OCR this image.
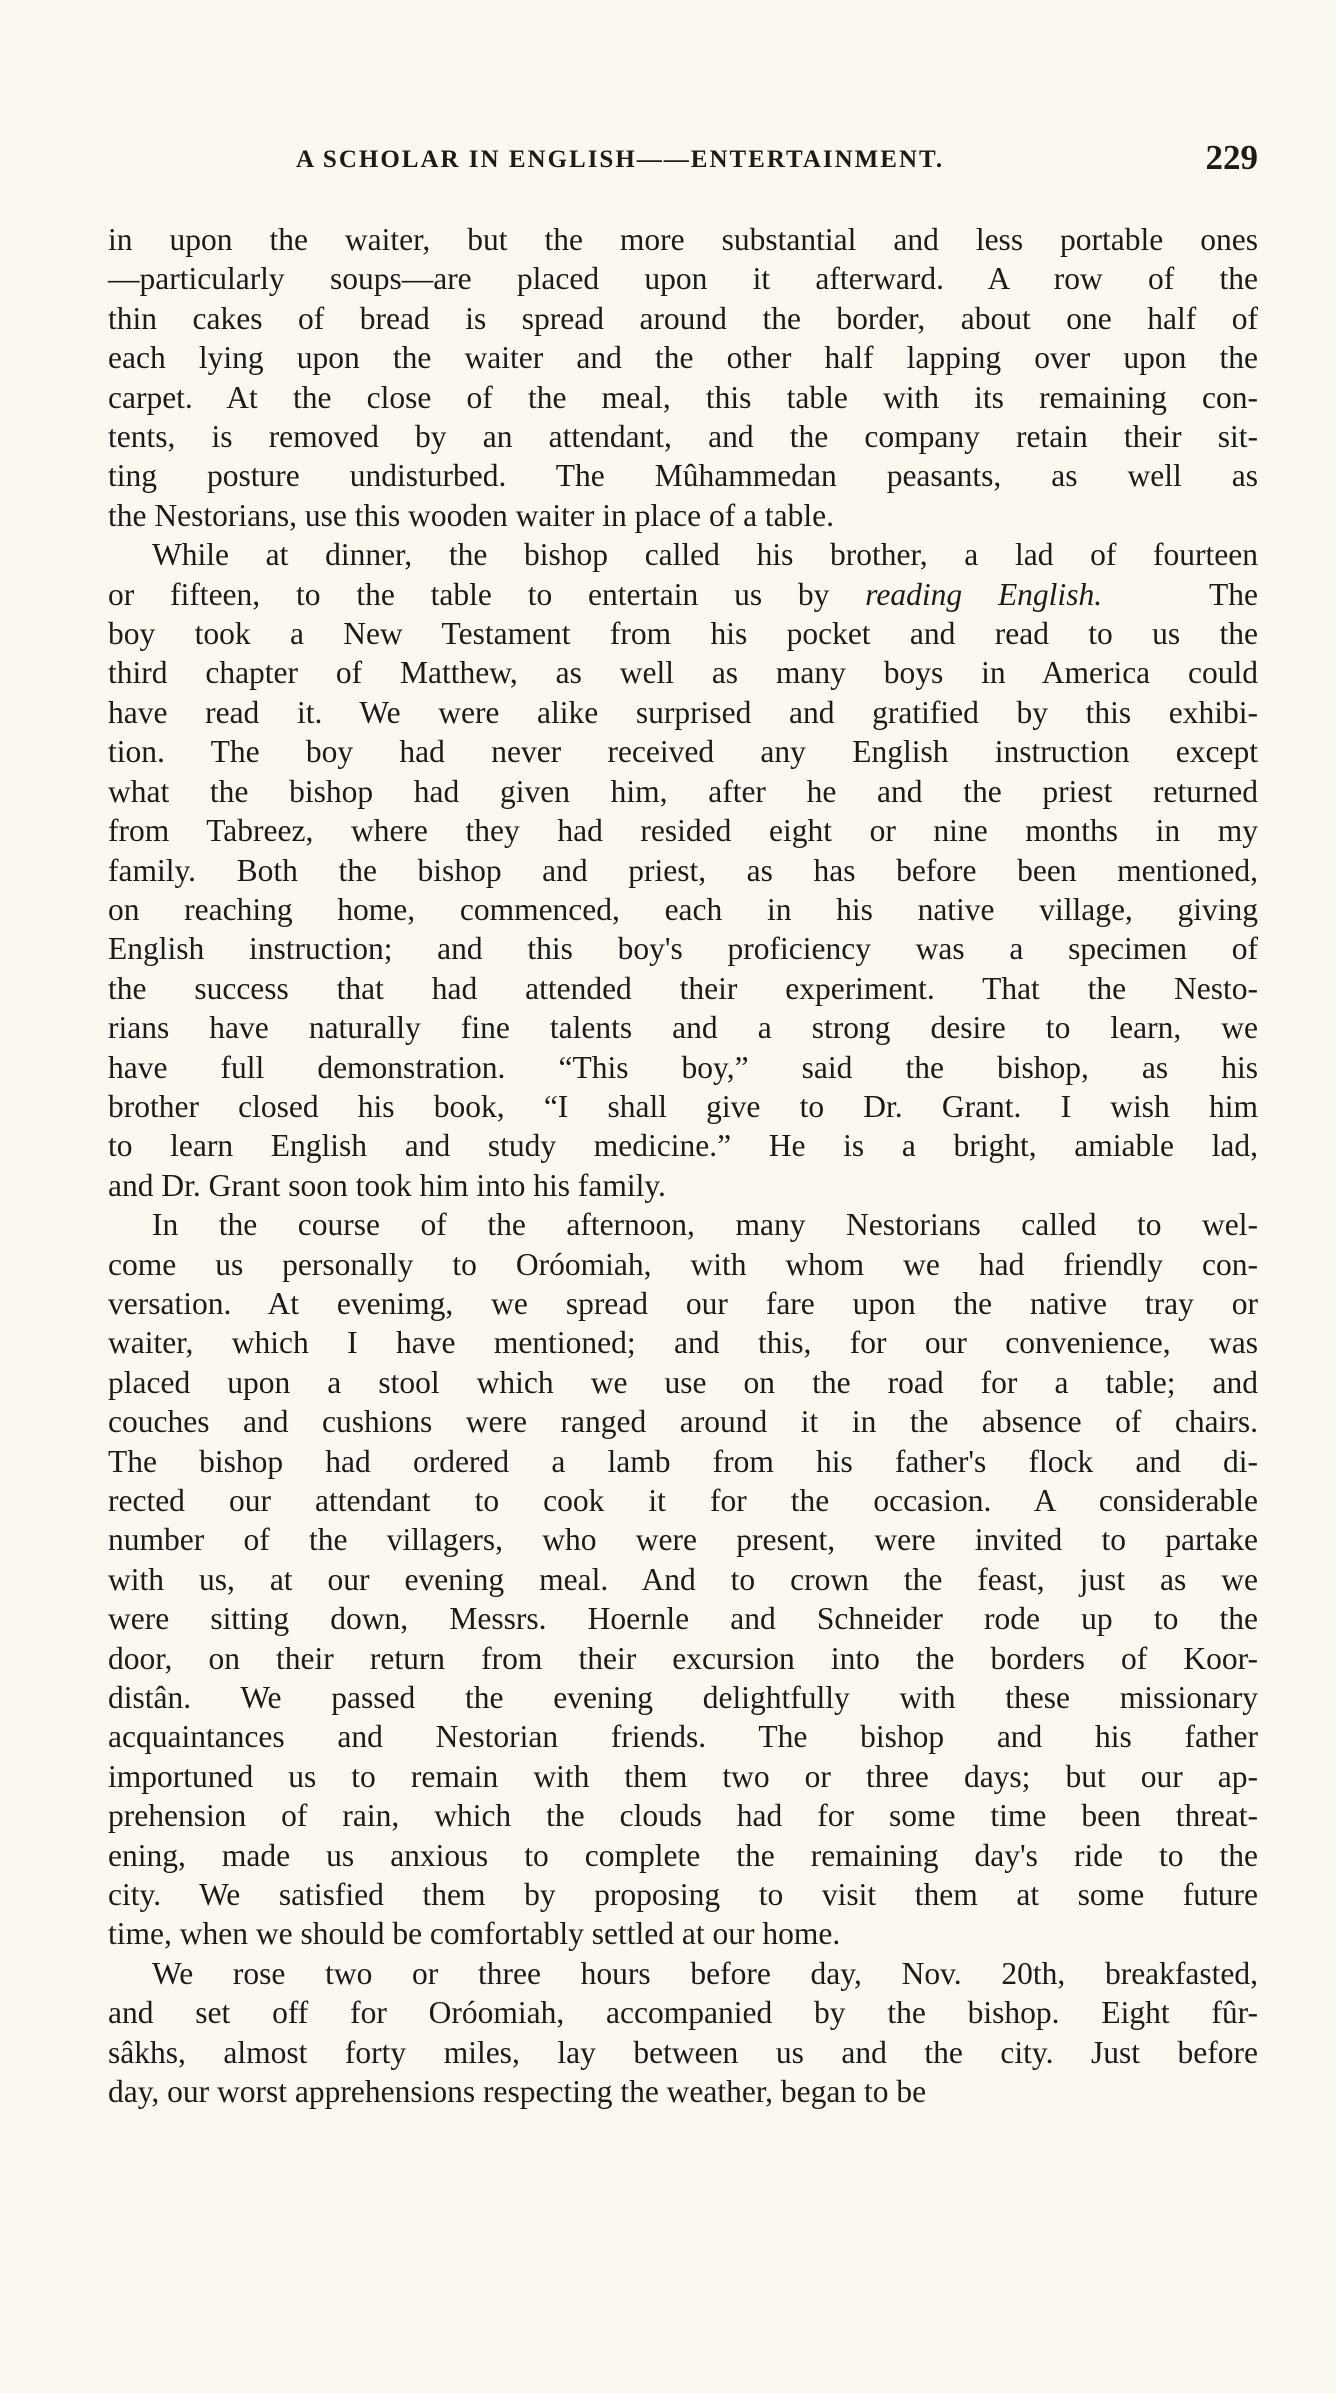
A SCHOLAR IN ENGLISH——ENTERTAINMENT.	229

in upon the waiter, but the more substantial and less portable ones
—particularly soups—are placed upon it afterward. A row of the
thin cakes of bread is spread around the border, about one half of
each lying upon the waiter and the other half lapping over upon the
carpet. At the close of the meal, this table with its remaining con-
tents, is removed by an attendant, and the company retain their sit-
ting posture undisturbed. The Mûhammedan peasants, as well as
the Nestorians, use this wooden waiter in place of a table.

While at dinner, the bishop called his brother, a lad of fourteen
or fifteen, to the table to entertain us by reading English.   The
boy took a New Testament from his pocket and read to us the
third chapter of Matthew, as well as many boys in America could
have read it. We were alike surprised and gratified by this exhibi-
tion. The boy had never received any English instruction except
what the bishop had given him, after he and the priest returned
from Tabreez, where they had resided eight or nine months in my
family. Both the bishop and priest, as has before been mentioned,
on reaching home, commenced, each in his native village, giving
English instruction; and this boy's proficiency was a specimen of
the success that had attended their experiment. That the Nesto-
rians have naturally fine talents and a strong desire to learn, we
have full demonstration. “This boy,” said the bishop, as his
brother closed his book, “I shall give to Dr. Grant. I wish him
to learn English and study medicine.” He is a bright, amiable lad,
and Dr. Grant soon took him into his family.

In the course of the afternoon, many Nestorians called to wel-
come us personally to Oróomiah, with whom we had friendly con-
versation. At evenimg, we spread our fare upon the native tray or
waiter, which I have mentioned; and this, for our convenience, was
placed upon a stool which we use on the road for a table; and
couches and cushions were ranged around it in the absence of chairs.
The bishop had ordered a lamb from his father's flock and di-
rected our attendant to cook it for the occasion. A considerable
number of the villagers, who were present, were invited to partake
with us, at our evening meal. And to crown the feast, just as we
were sitting down, Messrs. Hoernle and Schneider rode up to the
door, on their return from their excursion into the borders of Koor-
distân. We passed the evening delightfully with these missionary
acquaintances and Nestorian friends. The bishop and his father
importuned us to remain with them two or three days; but our ap-
prehension of rain, which the clouds had for some time been threat-
ening, made us anxious to complete the remaining day's ride to the
city. We satisfied them by proposing to visit them at some future
time, when we should be comfortably settled at our home.

We rose two or three hours before day, Nov. 20th, breakfasted,
and set off for Oróomiah, accompanied by the bishop. Eight fûr-
sâkhs, almost forty miles, lay between us and the city. Just before
day, our worst apprehensions respecting the weather, began to be
